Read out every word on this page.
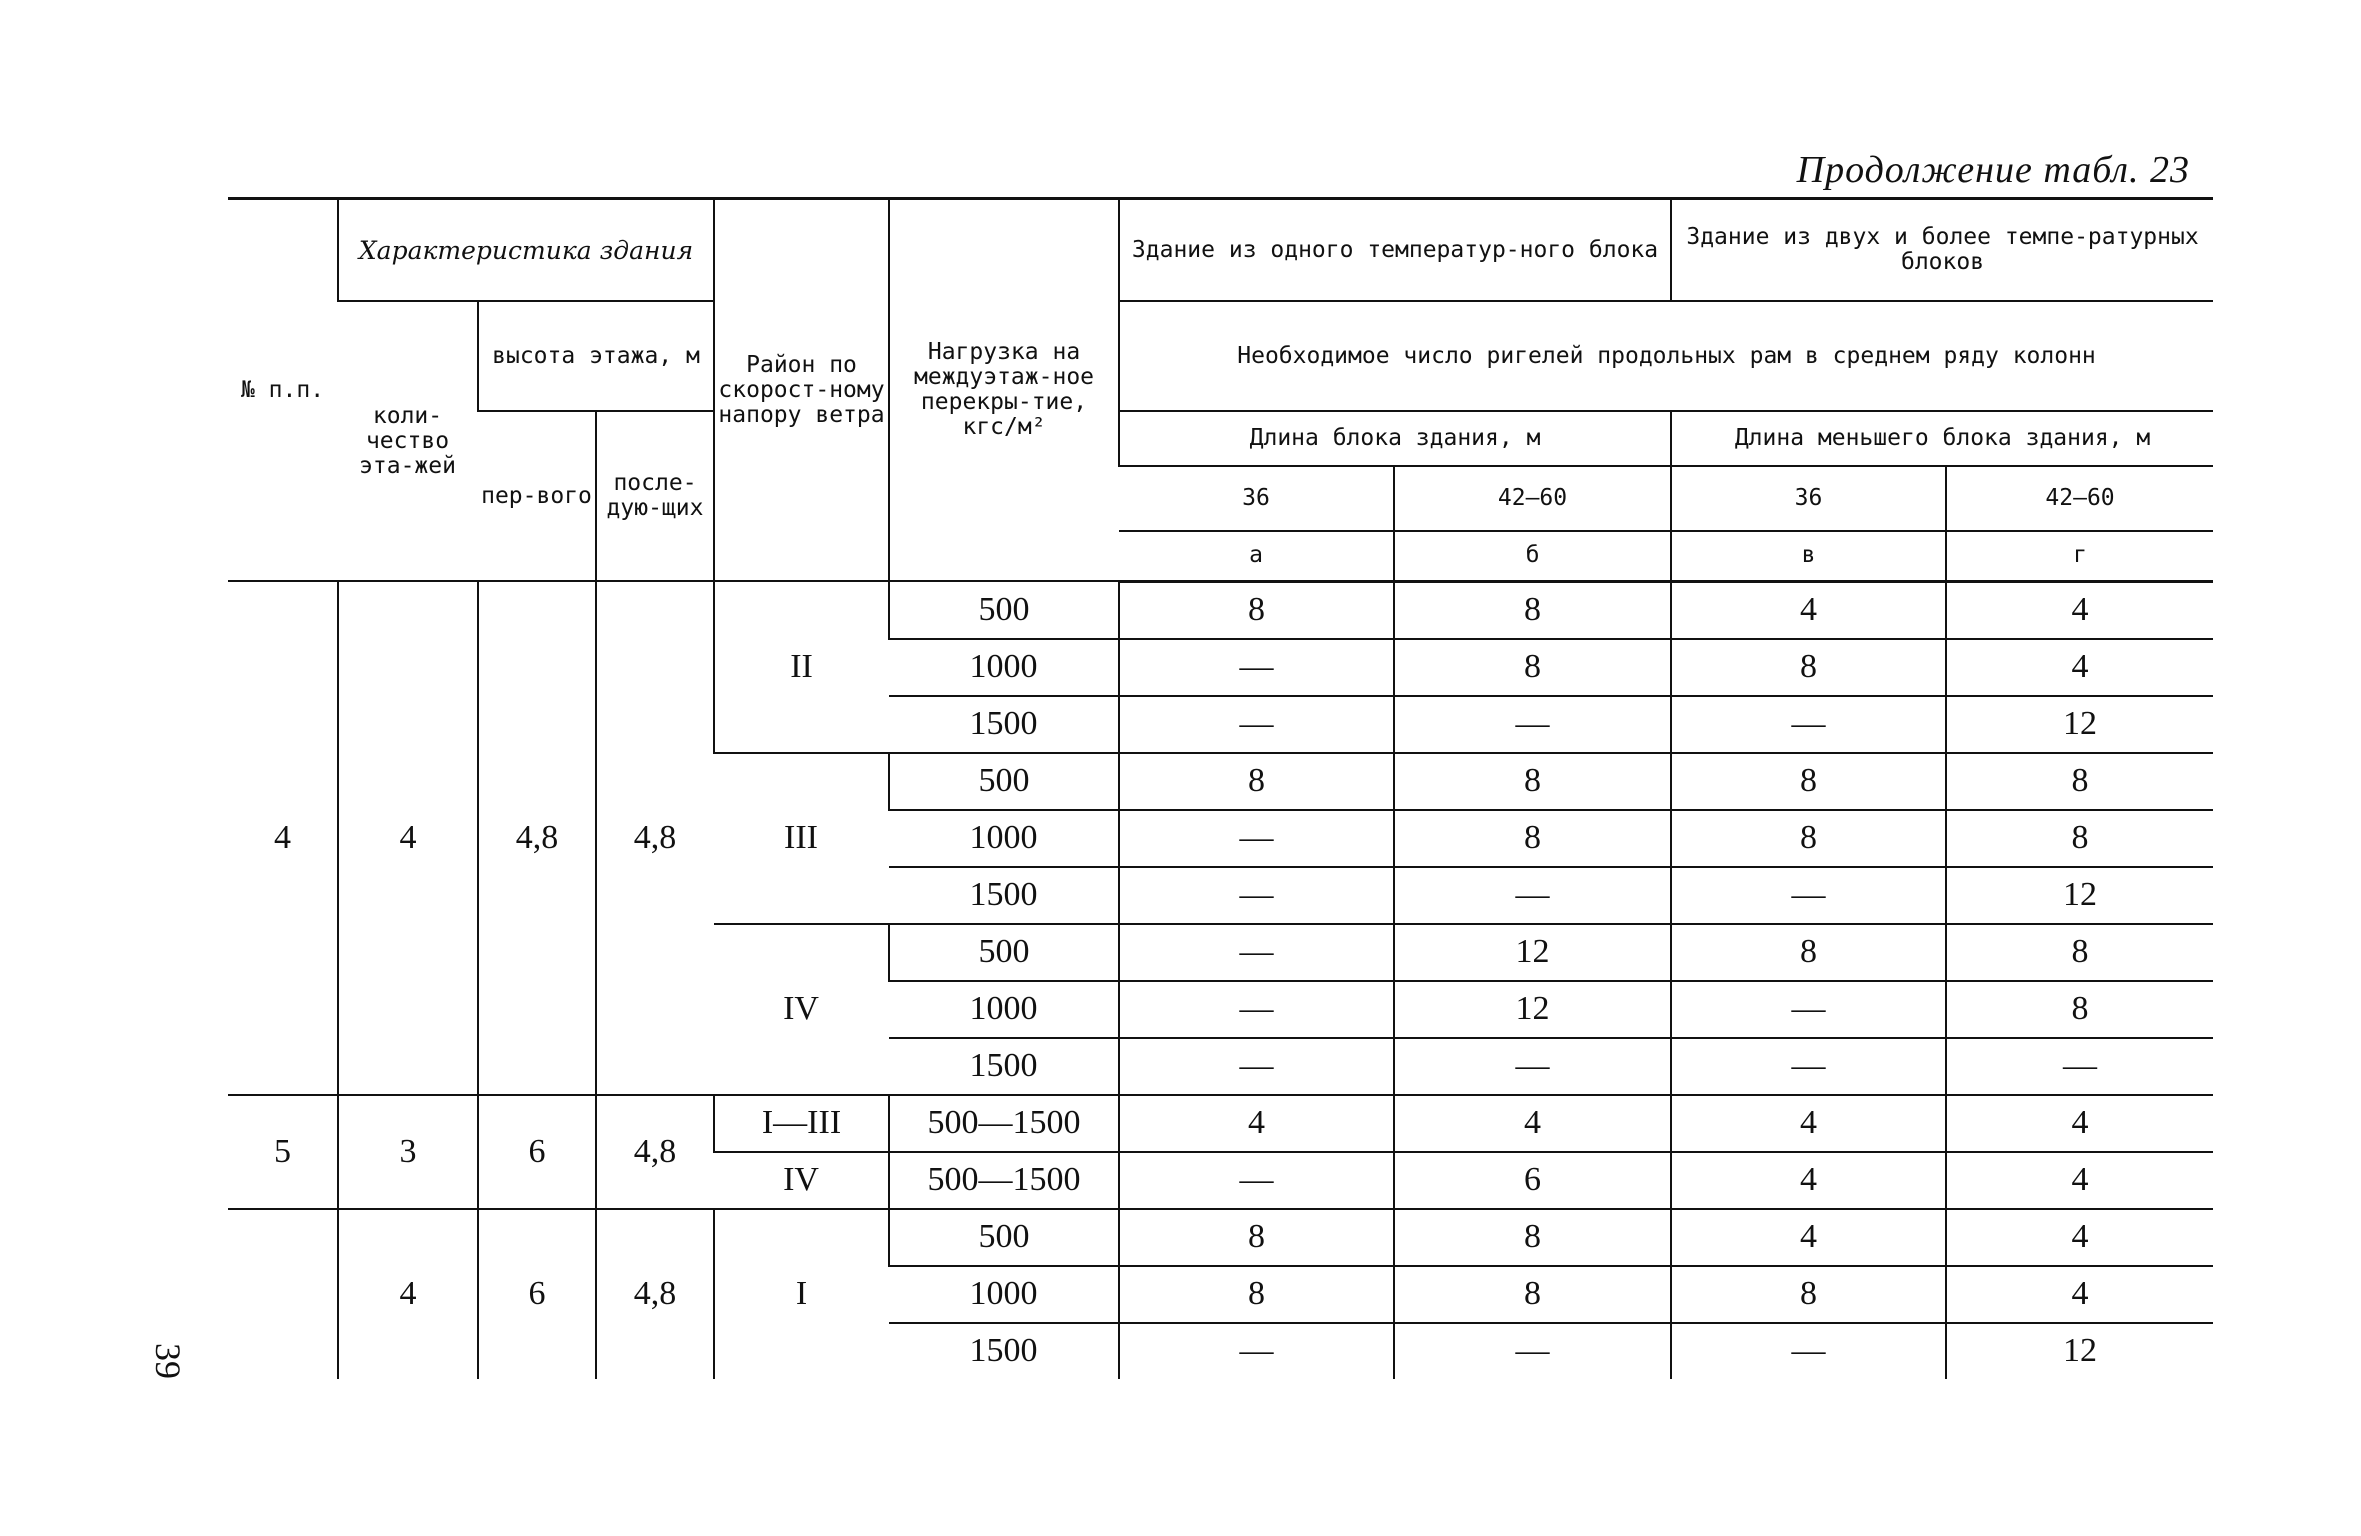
Продолжение табл. 23
39
№ п.п.	Характеристика здания			Район по скорост-ному напору ветра	Нагрузка на междуэтаж-ное перекры-тие, кгс/м²	Здание из одного температур-ного блока		Здание из двух и более темпе-ратурных блоков	
	коли-чество эта-жей	высота этажа, м				Необходимое число ригелей продольных рам в среднем ряду колонн			
		пер-вого	после-дую-щих			Длина блока здания, м		Длина меньшего блока здания, м	
						36	42—60	36	42—60
						а	б	в	г
4	4	4,8	4,8	II	500	8	8	4	4
					1000	—	8	8	4
					1500	—	—	—	12
				III	500	8	8	8	8
					1000	—	8	8	8
					1500	—	—	—	12
				IV	500	—	12	8	8
					1000	—	12	—	8
					1500	—	—	—	—
5	3	6	4,8	I—III	500—1500	4	4	4	4
				IV	500—1500	—	6	4	4
	4	6	4,8	I	500	8	8	4	4
					1000	8	8	8	4
					1500	—	—	—	12
